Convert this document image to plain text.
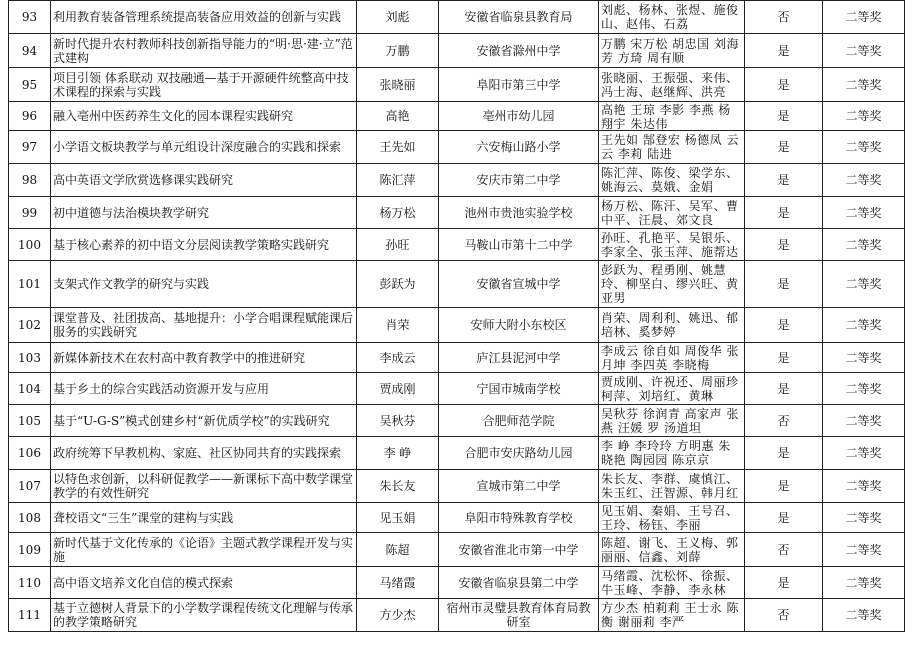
93	利用教育装备管理系统提高装备应用效益的创新与实践	刘彪	安徽省临泉县教育局	刘彪、杨林、张煜、施俊山、赵伟、石荔	否	二等奖

94	新时代提升农村教师科技创新指导能力的“明·思·建·立”范式建构	万鹏	安徽省滁州中学	万鹏 宋万松 胡忠国 刘海芳 方琦 周有顺	是	二等奖

95	项目引领 体系联动 双技融通—基于开源硬件统整高中技术课程的探索与实践	张晓丽	阜阳市第三中学	张晓丽、王振强、来伟、冯士海、赵继辉、洪亮	是	二等奖

96	融入亳州中医药养生文化的园本课程实践研究	高艳	亳州市幼儿园	高艳 王琼 李影 李燕 杨翔宇 朱达伟	是	二等奖

97	小学语文板块教学与单元组设计深度融合的实践和探索	王先如	六安梅山路小学	王先如 郜登宏 杨德凤 云云 李莉 陆进	是	二等奖

98	高中英语文学欣赏选修课实践研究	陈汇萍	安庆市第二中学	陈汇萍、陈俊、梁学东、姚海云、莫娥、金娟	是	二等奖

99	初中道德与法治模块教学研究	杨万松	池州市贵池实验学校	杨万松、陈汗、吴军、曹中平、汪晨、郊文良	是	二等奖

100	基于核心素养的初中语文分层阅读教学策略实践研究	孙旺	马鞍山市第十二中学	孙旺、孔艳平、吴银乐、李家全、张玉萍、施帮达	是	二等奖

101	支架式作文教学的研究与实践	彭跃为	安徽省宣城中学	彭跃为、程勇刚、姚慧玲、柳坚白、缪兴旺、黄亚男	是	二等奖

102	课堂普及、社团拔高、基地提升：小学合唱课程赋能课后服务的实践研究	肖荣	安师大附小东校区	肖荣、周利利、姚迅、郁培林、奚梦婷	是	二等奖

103	新媒体新技术在农村高中教育教学中的推进研究	李成云	庐江县泥河中学	李成云 徐自如 周俊华 张月坤 李四英 李晓梅	是	二等奖

104	基于乡土的综合实践活动资源开发与应用	贾成刚	宁国市城南学校	贾成刚、许祝还、周丽珍柯萍、刘培红、黄琳	是	二等奖

105	基于“U-G-S”模式创建乡村“新优质学校”的实践研究	吴秋芬	合肥师范学院	吴秋芬 徐润青 高家声 张燕 汪媛 罗 汤道坦	否	二等奖

106	政府统筹下早教机构、家庭、社区协同共育的实践探索	李 峥	合肥市安庆路幼儿园	李 峥 李玲玲 方明惠 朱晓艳 陶园园 陈京京	是	二等奖

107	以特色求创新，以科研促教学——新课标下高中数学课堂教学的有效性研究	朱长友	宣城市第二中学	朱长友、李群、虞慎江、朱玉红、汪智源、韩月红	是	二等奖

108	聋校语文“三生”课堂的建构与实践	见玉娟	阜阳市特殊教育学校	见玉娟、秦娟、王号召、王玲、杨钰、李丽	是	二等奖

109	新时代基于文化传承的《论语》主题式教学课程开发与实施	陈超	安徽省淮北市第一中学	陈超、谢飞、王义梅、郭丽丽、信鑫、刘薛	否	二等奖

110	高中语文培养文化自信的模式探索	马绪霞	安徽省临泉县第二中学	马绪霞、沈松怀、徐振、牛玉峰、李静、李永林	是	二等奖

111	基于立德树人背景下的小学数学课程传统文化理解与传承的教学策略研究	方少杰	宿州市灵璧县教育体育局教研室	方少杰 柏莉莉 王士永 陈衡 谢丽莉 李严	否	二等奖
